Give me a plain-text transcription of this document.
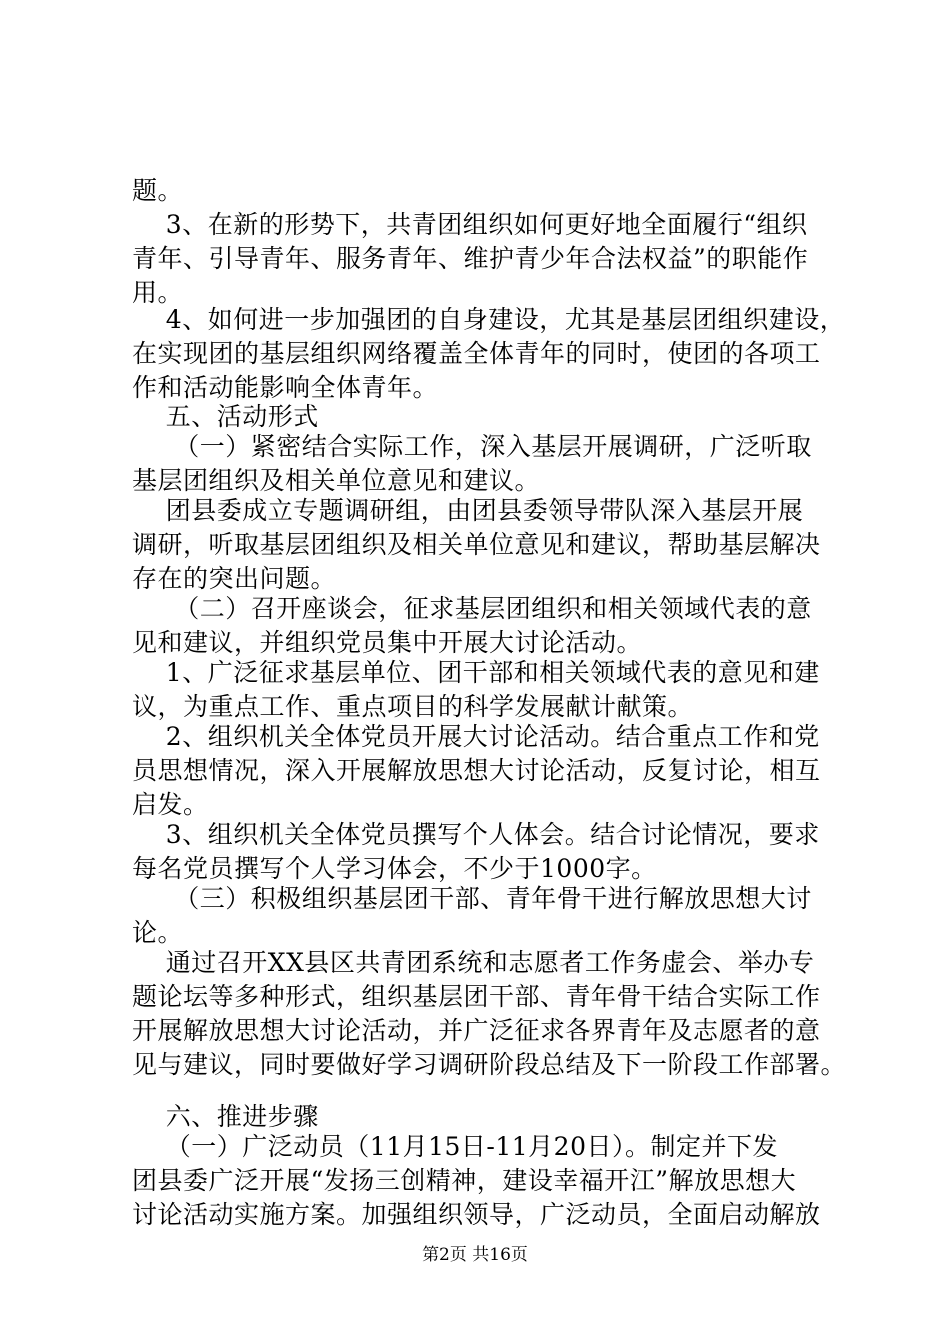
题。
3、在新的形势下，共青团组织如何更好地全面履行“组织
青年、引导青年、服务青年、维护青少年合法权益”的职能作
用。
4、如何进一步加强团的自身建设，尤其是基层团组织建设，
在实现团的基层组织网络覆盖全体青年的同时，使团的各项工
作和活动能影响全体青年。
五、活动形式
（一）紧密结合实际工作，深入基层开展调研，广泛听取
基层团组织及相关单位意见和建议。
团县委成立专题调研组，由团县委领导带队深入基层开展
调研，听取基层团组织及相关单位意见和建议，帮助基层解决
存在的突出问题。
（二）召开座谈会，征求基层团组织和相关领域代表的意
见和建议，并组织党员集中开展大讨论活动。
1、广泛征求基层单位、团干部和相关领域代表的意见和建
议，为重点工作、重点项目的科学发展献计献策。
2、组织机关全体党员开展大讨论活动。结合重点工作和党
员思想情况，深入开展解放思想大讨论活动，反复讨论，相互
启发。
3、组织机关全体党员撰写个人体会。结合讨论情况，要求
每名党员撰写个人学习体会，不少于1000字。
（三）积极组织基层团干部、青年骨干进行解放思想大讨
论。
通过召开XX县区共青团系统和志愿者工作务虚会、举办专
题论坛等多种形式，组织基层团干部、青年骨干结合实际工作
开展解放思想大讨论活动，并广泛征求各界青年及志愿者的意
见与建议，同时要做好学习调研阶段总结及下一阶段工作部署。
六、推进步骤
（一）广泛动员（11月15日-11月20日）。制定并下发
团县委广泛开展“发扬三创精神，建设幸福开江”解放思想大
讨论活动实施方案。加强组织领导，广泛动员，全面启动解放
第2页 共16页
